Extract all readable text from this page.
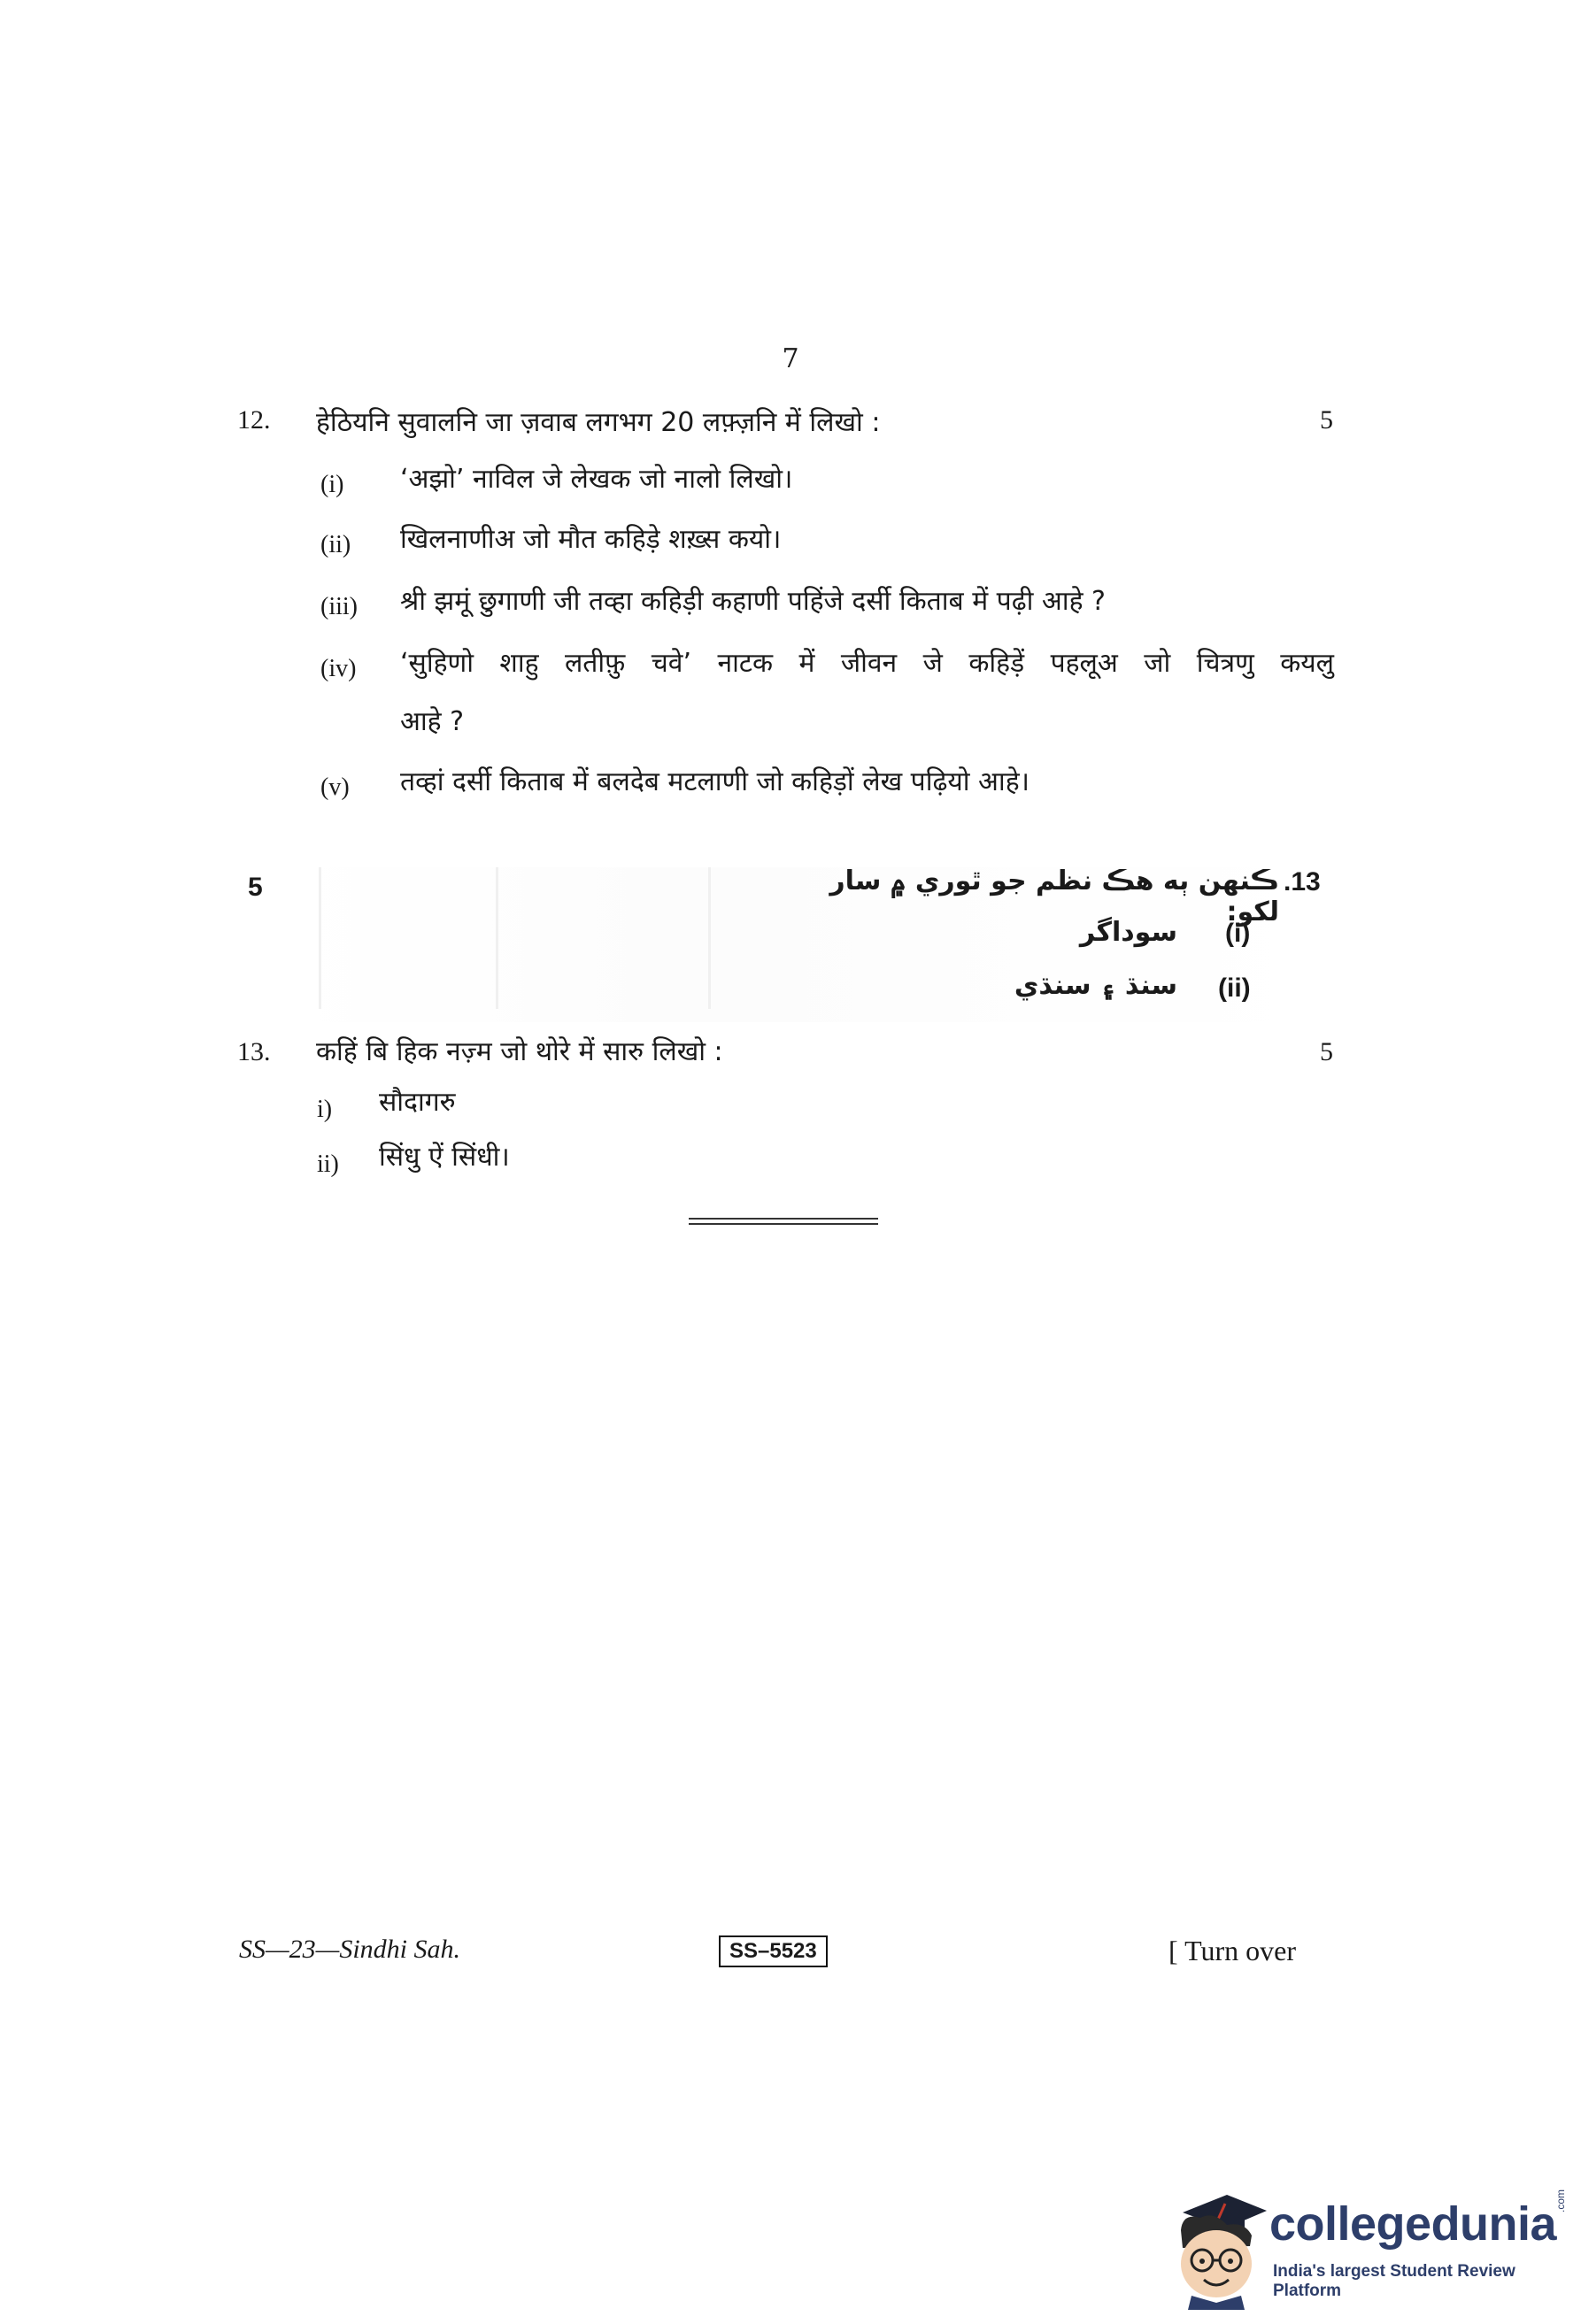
7
12. हेठियनि सुवालनि जा ज़वाब लगभग 20 लफ़्ज़नि में लिखो :	5
(i) ‘अझो’ नाविल जे लेखक जो नालो लिखो।
(ii) खिलनाणीअ जो मौत कहिड़े शख़्स कयो।
(iii) श्री झमूं छुगाणी जी तव्हा कहिड़ी कहाणी पहिंजे दर्सी किताब में पढ़ी आहे ?
(iv) ‘सुहिणो शाहु लतीफ़ु चवे’ नाटक में जीवन जे कहिड़ें पहलूअ जो चित्रणु कयलु
आहे ?
(v) तव्हां दर्सी किताब में बलदेब मटलाणी जो कहिड़ों लेख पढ़ियो आहे।
5	ڪنهن ٻه هڪ نظم جو ٿوري ۾ سار لکو:
.13
سوداگر (i)
سنڌ ۽ سنڌي (ii)
13. कहिं बि हिक नज़्म जो थोरे में सारु लिखो :	5
i) सौदागरु
ii) सिंधु ऐं सिंधी।
SS—23—Sindhi Sah.	SS–5523	[ Turn over
collegedunia
.com
India's largest Student Review Platform
